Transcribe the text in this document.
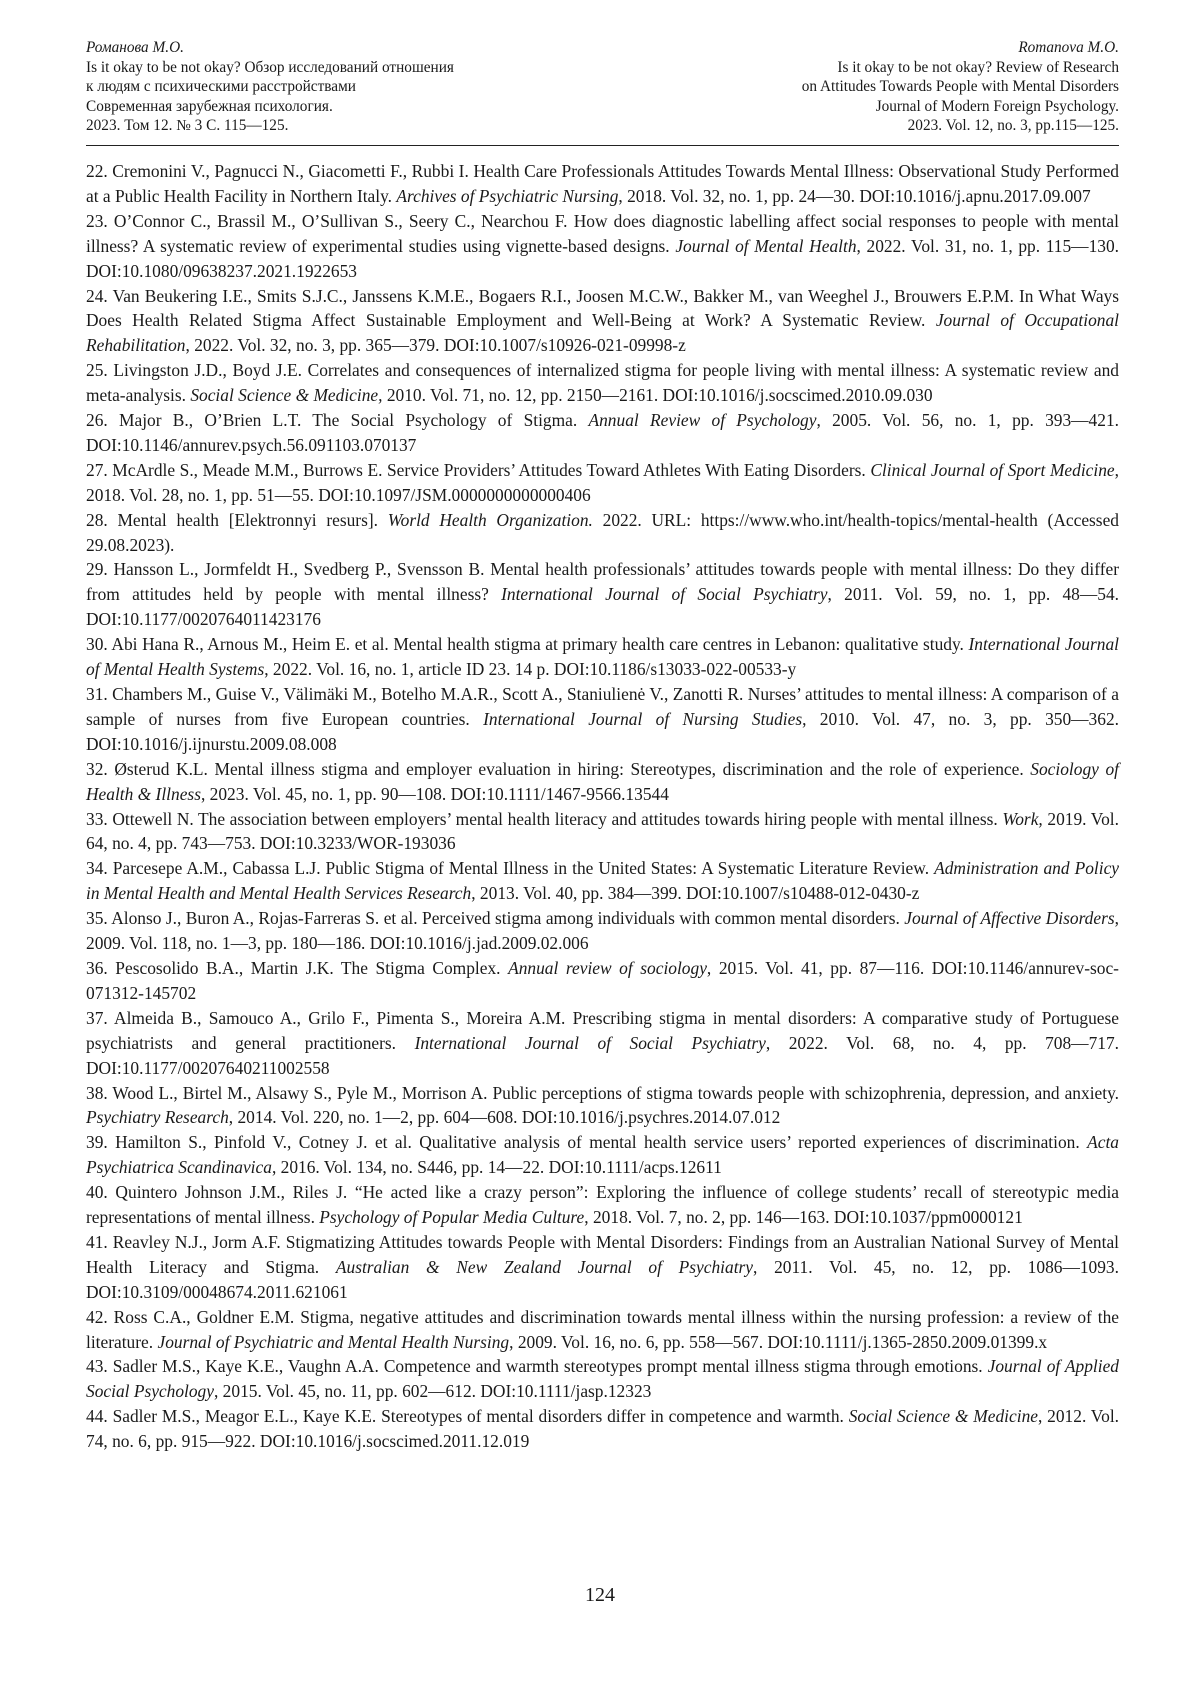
Романова М.О.
Is it okay to be not okay? Обзор исследований отношения
к людям с психическими расстройствами
Современная зарубежная психология.
2023. Том 12. № 3 С. 115—125.
Romanova M.O.
Is it okay to be not okay? Review of Research
on Attitudes Towards People with Mental Disorders
Journal of Modern Foreign Psychology.
2023. Vol. 12, no. 3, pp.115—125.

22. Cremonini V., Pagnucci N., Giacometti F., Rubbi I. Health Care Professionals Attitudes Towards Mental Illness: Observational Study Performed at a Public Health Facility in Northern Italy. Archives of Psychiatric Nursing, 2018. Vol. 32, no. 1, pp. 24—30. DOI:10.1016/j.apnu.2017.09.007

23. O’Connor C., Brassil M., O’Sullivan S., Seery C., Nearchou F. How does diagnostic labelling affect social responses to people with mental illness? A systematic review of experimental studies using vignette-based designs. Journal of Mental Health, 2022. Vol. 31, no. 1, pp. 115—130. DOI:10.1080/09638237.2021.1922653

24. Van Beukering I.E., Smits S.J.C., Janssens K.M.E., Bogaers R.I., Joosen M.C.W., Bakker M., van Weeghel J., Brouwers E.P.M. In What Ways Does Health Related Stigma Affect Sustainable Employment and Well-Being at Work? A Systematic Review. Journal of Occupational Rehabilitation, 2022. Vol. 32, no. 3, pp. 365—379. DOI:10.1007/s10926-021-09998-z

25. Livingston J.D., Boyd J.E. Correlates and consequences of internalized stigma for people living with mental illness: A systematic review and meta-analysis. Social Science & Medicine, 2010. Vol. 71, no. 12, pp. 2150—2161. DOI:10.1016/j.socscimed.2010.09.030

26. Major B., O’Brien L.T. The Social Psychology of Stigma. Annual Review of Psychology, 2005. Vol. 56, no. 1, pp. 393—421. DOI:10.1146/annurev.psych.56.091103.070137

27. McArdle S., Meade M.M., Burrows E. Service Providers’ Attitudes Toward Athletes With Eating Disorders. Clinical Journal of Sport Medicine, 2018. Vol. 28, no. 1, pp. 51—55. DOI:10.1097/JSM.0000000000000406

28. Mental health [Elektronnyi resurs]. World Health Organization. 2022. URL: https://www.who.int/health-topics/mental-health (Accessed 29.08.2023).

29. Hansson L., Jormfeldt H., Svedberg P., Svensson B. Mental health professionals’ attitudes towards people with mental illness: Do they differ from attitudes held by people with mental illness? International Journal of Social Psychiatry, 2011. Vol. 59, no. 1, pp. 48—54. DOI:10.1177/0020764011423176

30. Abi Hana R., Arnous M., Heim E. et al. Mental health stigma at primary health care centres in Lebanon: qualitative study. International Journal of Mental Health Systems, 2022. Vol. 16, no. 1, article ID 23. 14 p. DOI:10.1186/s13033-022-00533-y

31. Chambers M., Guise V., Välimäki M., Botelho M.A.R., Scott A., Staniulienė V., Zanotti R. Nurses’ attitudes to mental illness: A comparison of a sample of nurses from five European countries. International Journal of Nursing Studies, 2010. Vol. 47, no. 3, pp. 350—362. DOI:10.1016/j.ijnurstu.2009.08.008

32. Østerud K.L. Mental illness stigma and employer evaluation in hiring: Stereotypes, discrimination and the role of experience. Sociology of Health & Illness, 2023. Vol. 45, no. 1, pp. 90—108. DOI:10.1111/1467-9566.13544

33. Ottewell N. The association between employers’ mental health literacy and attitudes towards hiring people with mental illness. Work, 2019. Vol. 64, no. 4, pp. 743—753. DOI:10.3233/WOR-193036

34. Parcesepe A.M., Cabassa L.J. Public Stigma of Mental Illness in the United States: A Systematic Literature Review. Administration and Policy in Mental Health and Mental Health Services Research, 2013. Vol. 40, pp. 384—399. DOI:10.1007/s10488-012-0430-z

35. Alonso J., Buron A., Rojas-Farreras S. et al. Perceived stigma among individuals with common mental disorders. Journal of Affective Disorders, 2009. Vol. 118, no. 1—3, pp. 180—186. DOI:10.1016/j.jad.2009.02.006

36. Pescosolido B.A., Martin J.K. The Stigma Complex. Annual review of sociology, 2015. Vol. 41, pp. 87—116. DOI:10.1146/annurev-soc-071312-145702

37. Almeida B., Samouco A., Grilo F., Pimenta S., Moreira A.M. Prescribing stigma in mental disorders: A comparative study of Portuguese psychiatrists and general practitioners. International Journal of Social Psychiatry, 2022. Vol. 68, no. 4, pp. 708—717. DOI:10.1177/00207640211002558

38. Wood L., Birtel M., Alsawy S., Pyle M., Morrison A. Public perceptions of stigma towards people with schizophrenia, depression, and anxiety. Psychiatry Research, 2014. Vol. 220, no. 1—2, pp. 604—608. DOI:10.1016/j.psychres.2014.07.012

39. Hamilton S., Pinfold V., Cotney J. et al. Qualitative analysis of mental health service users’ reported experiences of discrimination. Acta Psychiatrica Scandinavica, 2016. Vol. 134, no. S446, pp. 14—22. DOI:10.1111/acps.12611

40. Quintero Johnson J.M., Riles J. “He acted like a crazy person”: Exploring the influence of college students’ recall of stereotypic media representations of mental illness. Psychology of Popular Media Culture, 2018. Vol. 7, no. 2, pp. 146—163. DOI:10.1037/ppm0000121

41. Reavley N.J., Jorm A.F. Stigmatizing Attitudes towards People with Mental Disorders: Findings from an Australian National Survey of Mental Health Literacy and Stigma. Australian & New Zealand Journal of Psychiatry, 2011. Vol. 45, no. 12, pp. 1086—1093. DOI:10.3109/00048674.2011.621061

42. Ross C.A., Goldner E.M. Stigma, negative attitudes and discrimination towards mental illness within the nursing profession: a review of the literature. Journal of Psychiatric and Mental Health Nursing, 2009. Vol. 16, no. 6, pp. 558—567. DOI:10.1111/j.1365-2850.2009.01399.x

43. Sadler M.S., Kaye K.E., Vaughn A.A. Competence and warmth stereotypes prompt mental illness stigma through emotions. Journal of Applied Social Psychology, 2015. Vol. 45, no. 11, pp. 602—612. DOI:10.1111/jasp.12323

44. Sadler M.S., Meagor E.L., Kaye K.E. Stereotypes of mental disorders differ in competence and warmth. Social Science & Medicine, 2012. Vol. 74, no. 6, pp. 915—922. DOI:10.1016/j.socscimed.2011.12.019

124
